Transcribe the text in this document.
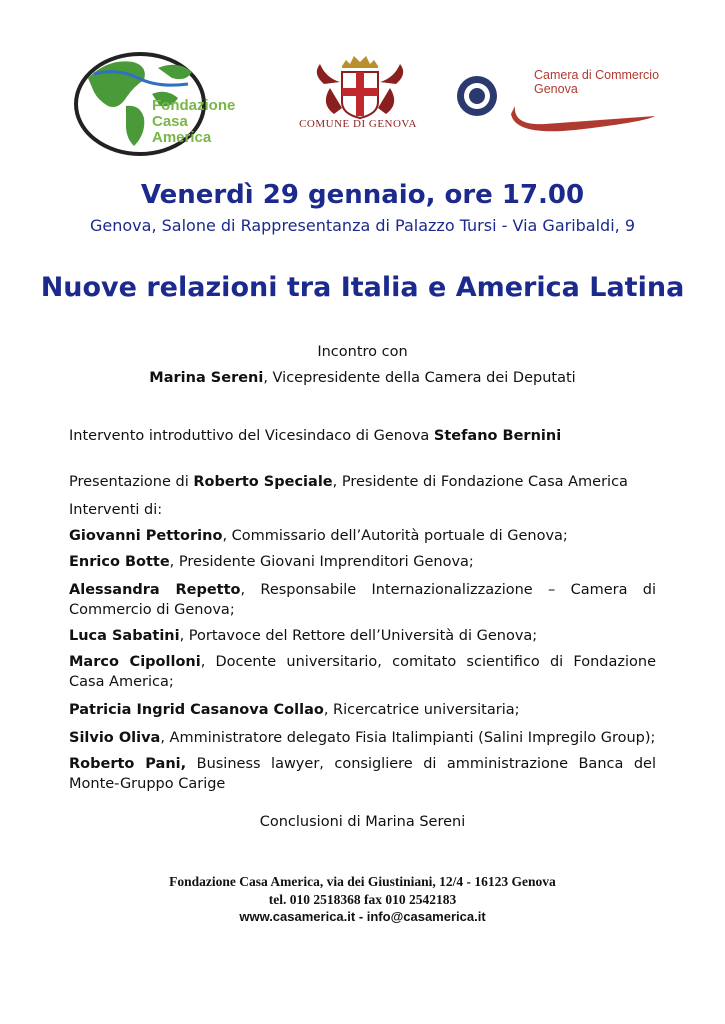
Fondazione
Casa
America
COMUNE DI GENOVA
Camera di Commercio
Genova
Venerdì 29 gennaio, ore 17.00
Genova, Salone di Rappresentanza di Palazzo Tursi - Via Garibaldi, 9
Nuove relazioni tra Italia e America Latina
Incontro con
Marina Sereni, Vicepresidente della Camera dei Deputati
Intervento introduttivo del Vicesindaco di Genova Stefano Bernini
Presentazione di Roberto Speciale, Presidente di Fondazione Casa America
Interventi di:
Giovanni Pettorino, Commissario dell’Autorità portuale di Genova;
Enrico Botte, Presidente Giovani Imprenditori Genova;
Alessandra Repetto, Responsabile Internazionalizzazione – Camera di Commercio di Genova;
Luca Sabatini, Portavoce del Rettore dell’Università di Genova;
Marco Cipolloni, Docente universitario, comitato scientifico di Fondazione Casa America;
Patricia Ingrid Casanova Collao, Ricercatrice universitaria;
Silvio Oliva, Amministratore delegato Fisia Italimpianti (Salini Impregilo Group);
Roberto Pani, Business lawyer, consigliere di amministrazione Banca del Monte-Gruppo Carige
Conclusioni di Marina Sereni
Fondazione Casa America, via dei Giustiniani, 12/4 - 16123 Genova
tel. 010 2518368 fax 010 2542183
www.casamerica.it - info@casamerica.it
